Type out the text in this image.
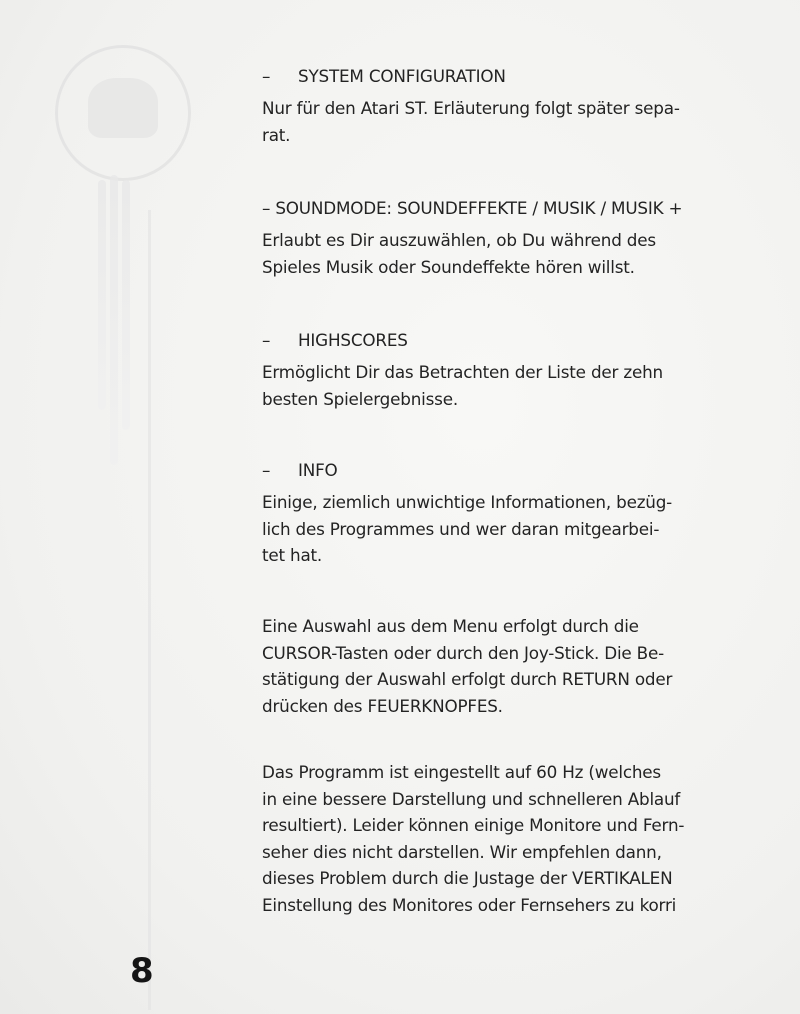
–	SYSTEM CONFIGURATION
Nur für den Atari ST. Erläuterung folgt später sepa-
rat.
– SOUNDMODE: SOUNDEFFEKTE / MUSIK / MUSIK +
Erlaubt es Dir auszuwählen, ob Du während des
Spieles Musik oder Soundeffekte hören willst.
–	HIGHSCORES
Ermöglicht Dir das Betrachten der Liste der zehn
besten Spielergebnisse.
–	INFO
Einige, ziemlich unwichtige Informationen, bezüg-
lich des Programmes und wer daran mitgearbei-
tet hat.
Eine Auswahl aus dem Menu erfolgt durch die
CURSOR-Tasten oder durch den Joy-Stick. Die Be-
stätigung der Auswahl erfolgt durch RETURN oder
drücken des FEUERKNOPFES.
Das Programm ist eingestellt auf 60 Hz (welches
in eine bessere Darstellung und schnelleren Ablauf
resultiert). Leider können einige Monitore und Fern-
seher dies nicht darstellen. Wir empfehlen dann,
dieses Problem durch die Justage der VERTIKALEN
Einstellung des Monitores oder Fernsehers zu korri
8
